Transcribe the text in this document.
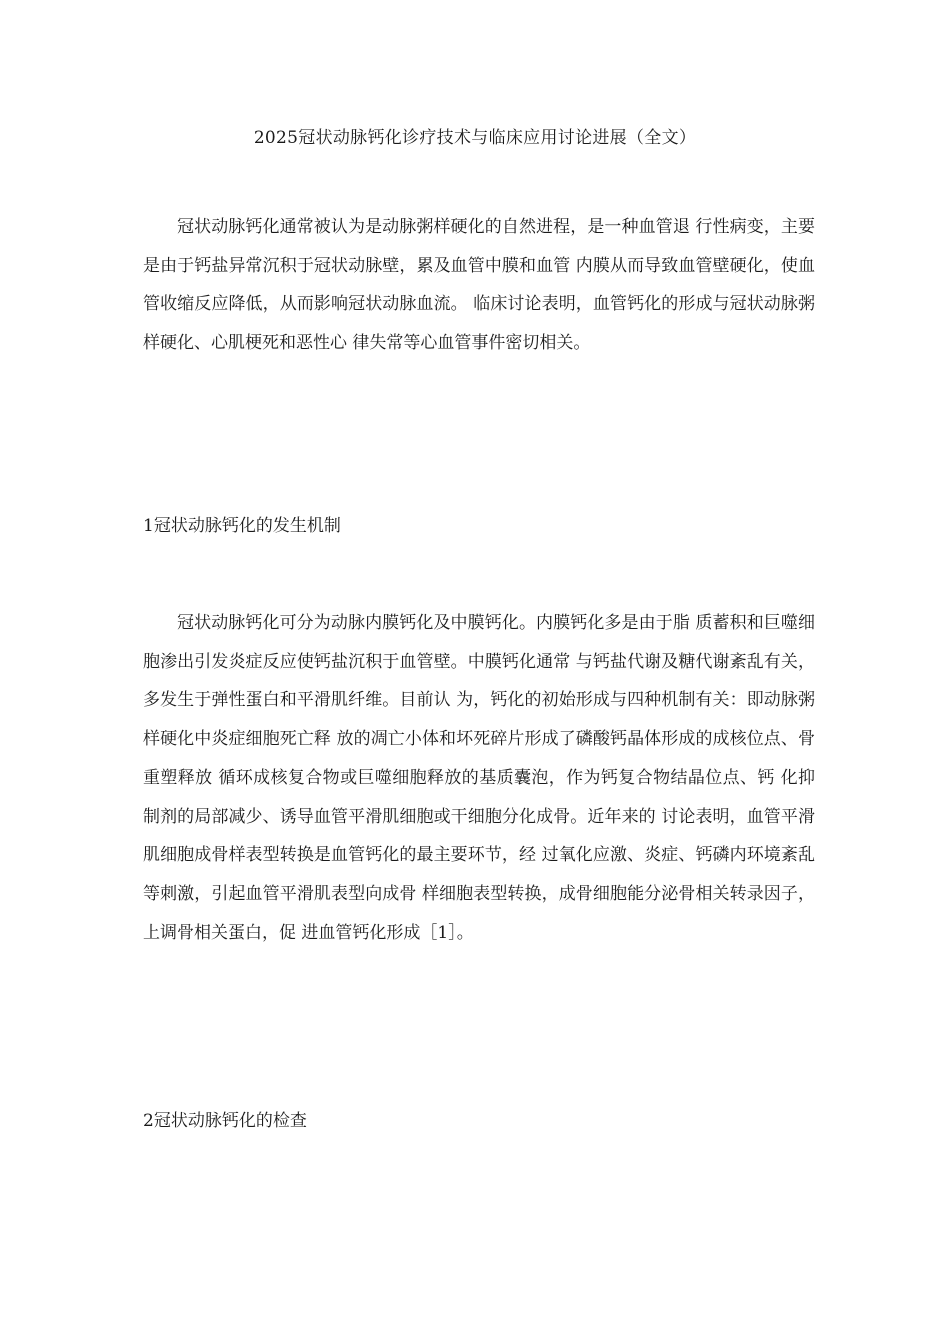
2025冠状动脉钙化诊疗技术与临床应用讨论进展（全文）

冠状动脉钙化通常被认为是动脉粥样硬化的自然进程，是一种血管退 行性病变，主要是由于钙盐异常沉积于冠状动脉壁，累及血管中膜和血管 内膜从而导致血管壁硬化，使血管收缩反应降低，从而影响冠状动脉血流。 临床讨论表明，血管钙化的形成与冠状动脉粥样硬化、心肌梗死和恶性心 律失常等心血管事件密切相关。

1冠状动脉钙化的发生机制

冠状动脉钙化可分为动脉内膜钙化及中膜钙化。内膜钙化多是由于脂 质蓄积和巨噬细胞渗出引发炎症反应使钙盐沉积于血管壁。中膜钙化通常 与钙盐代谢及糖代谢紊乱有关，多发生于弹性蛋白和平滑肌纤维。目前认 为，钙化的初始形成与四种机制有关：即动脉粥样硬化中炎症细胞死亡释 放的凋亡小体和坏死碎片形成了磷酸钙晶体形成的成核位点、骨重塑释放 循环成核复合物或巨噬细胞释放的基质囊泡，作为钙复合物结晶位点、钙 化抑制剂的局部减少、诱导血管平滑肌细胞或干细胞分化成骨。近年来的 讨论表明，血管平滑肌细胞成骨样表型转换是血管钙化的最主要环节，经 过氧化应激、炎症、钙磷内环境紊乱等刺激，引起血管平滑肌表型向成骨 样细胞表型转换，成骨细胞能分泌骨相关转录因子，上调骨相关蛋白，促 进血管钙化形成［1］。

2冠状动脉钙化的检查
